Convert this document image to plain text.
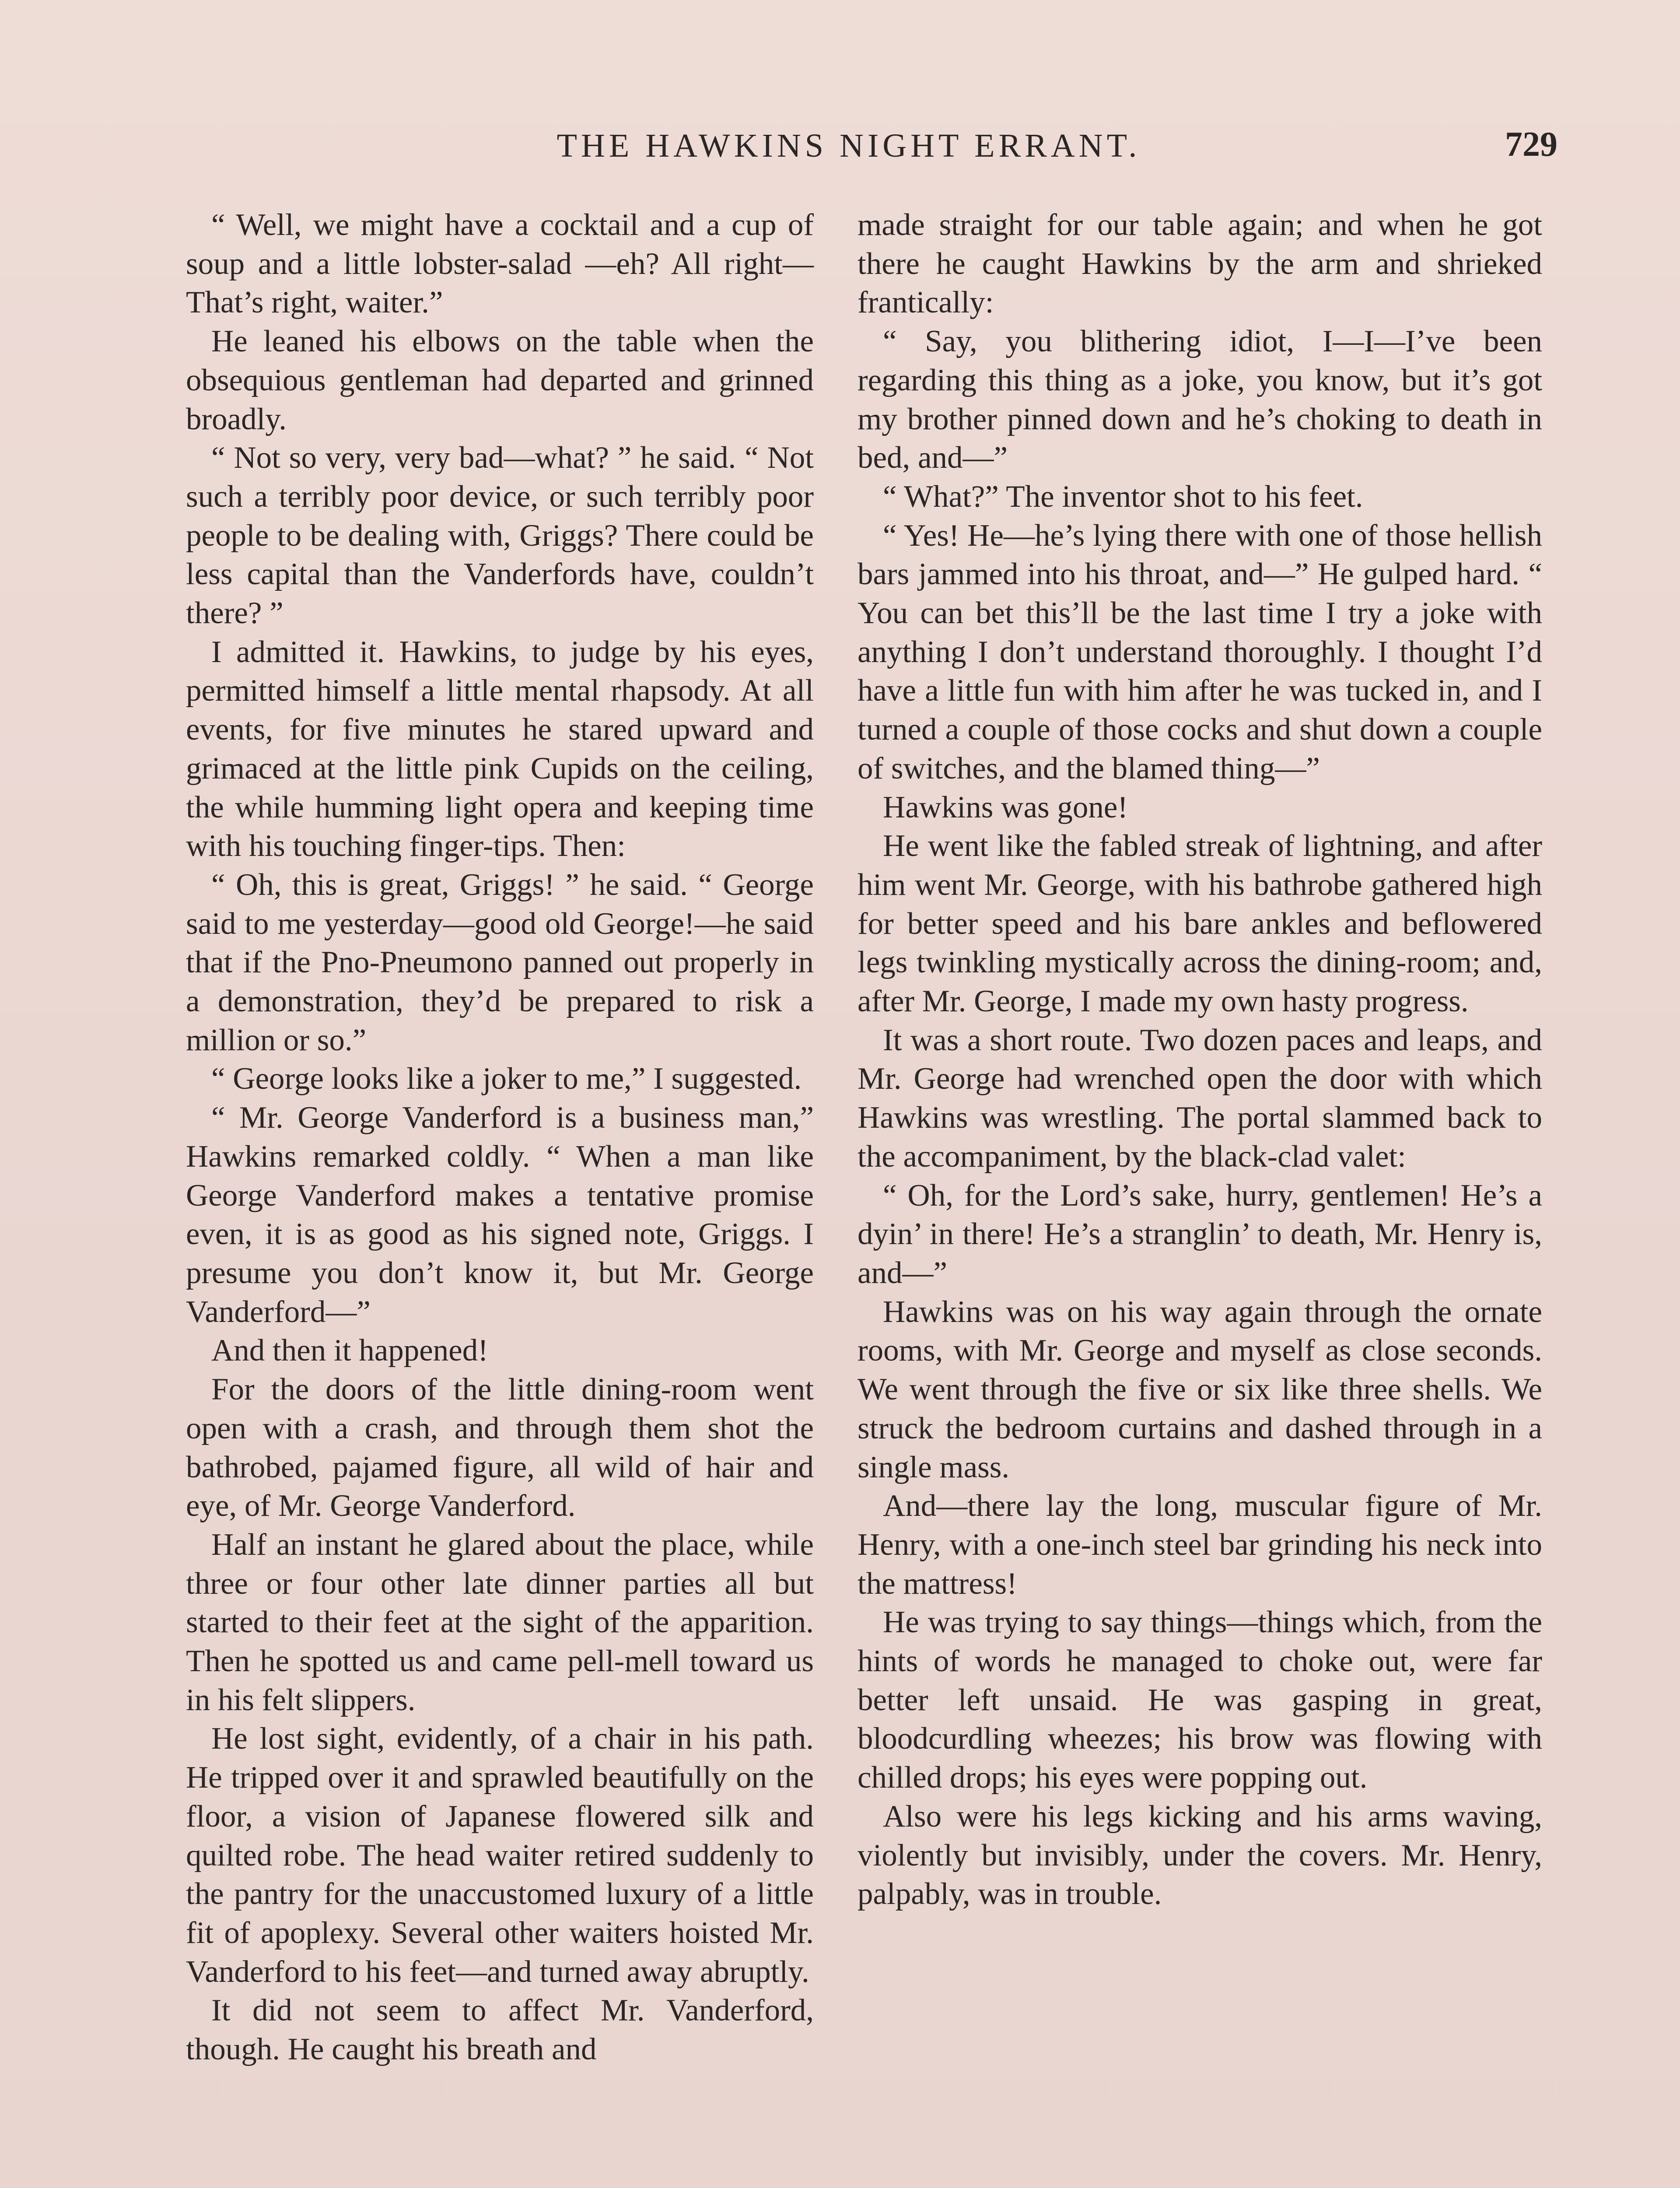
THE HAWKINS NIGHT ERRANT.	729

“ Well, we might have a cocktail and a cup of soup and a little lobster-salad —eh? All right— That’s right, waiter.”

He leaned his elbows on the table when the obsequious gentleman had departed and grinned broadly.

“ Not so very, very bad—what? ” he said. “ Not such a terribly poor device, or such terribly poor people to be dealing with, Griggs? There could be less capital than the Vanderfords have, couldn’t there? ”

I admitted it. Hawkins, to judge by his eyes, permitted himself a little mental rhapsody. At all events, for five minutes he stared upward and grimaced at the little pink Cupids on the ceiling, the while humming light opera and keeping time with his touching finger-tips. Then:

“ Oh, this is great, Griggs! ” he said. “ George said to me yesterday—good old George!—he said that if the Pno-Pneumono panned out properly in a demonstration, they’d be prepared to risk a million or so.”

“ George looks like a joker to me,” I suggested.

“ Mr. George Vanderford is a business man,” Hawkins remarked coldly. “ When a man like George Vanderford makes a tentative promise even, it is as good as his signed note, Griggs. I presume you don’t know it, but Mr. George Vanderford—”

And then it happened!

For the doors of the little dining-room went open with a crash, and through them shot the bathrobed, pajamed figure, all wild of hair and eye, of Mr. George Vanderford.

Half an instant he glared about the place, while three or four other late dinner parties all but started to their feet at the sight of the apparition. Then he spotted us and came pell-mell toward us in his felt slippers.

He lost sight, evidently, of a chair in his path. He tripped over it and sprawled beautifully on the floor, a vision of Japanese flowered silk and quilted robe. The head waiter retired suddenly to the pantry for the unaccustomed luxury of a little fit of apoplexy. Several other waiters hoisted Mr. Vanderford to his feet—and turned away abruptly.

It did not seem to affect Mr. Vanderford, though. He caught his breath and

made straight for our table again; and when he got there he caught Hawkins by the arm and shrieked frantically:

“ Say, you blithering idiot, I—I—I’ve been regarding this thing as a joke, you know, but it’s got my brother pinned down and he’s choking to death in bed, and—”

“ What?” The inventor shot to his feet.

“ Yes! He—he’s lying there with one of those hellish bars jammed into his throat, and—” He gulped hard. “ You can bet this’ll be the last time I try a joke with anything I don’t understand thoroughly. I thought I’d have a little fun with him after he was tucked in, and I turned a couple of those cocks and shut down a couple of switches, and the blamed thing—”

Hawkins was gone!

He went like the fabled streak of lightning, and after him went Mr. George, with his bathrobe gathered high for better speed and his bare ankles and beflowered legs twinkling mystically across the dining-room; and, after Mr. George, I made my own hasty progress.

It was a short route. Two dozen paces and leaps, and Mr. George had wrenched open the door with which Hawkins was wrestling. The portal slammed back to the accompaniment, by the black-clad valet:

“ Oh, for the Lord’s sake, hurry, gentlemen! He’s a dyin’ in there! He’s a stranglin’ to death, Mr. Henry is, and—”

Hawkins was on his way again through the ornate rooms, with Mr. George and myself as close seconds. We went through the five or six like three shells. We struck the bedroom curtains and dashed through in a single mass.

And—there lay the long, muscular figure of Mr. Henry, with a one-inch steel bar grinding his neck into the mattress!

He was trying to say things—things which, from the hints of words he managed to choke out, were far better left unsaid. He was gasping in great, bloodcurdling wheezes; his brow was flowing with chilled drops; his eyes were popping out.

Also were his legs kicking and his arms waving, violently but invisibly, under the covers. Mr. Henry, palpably, was in trouble.
